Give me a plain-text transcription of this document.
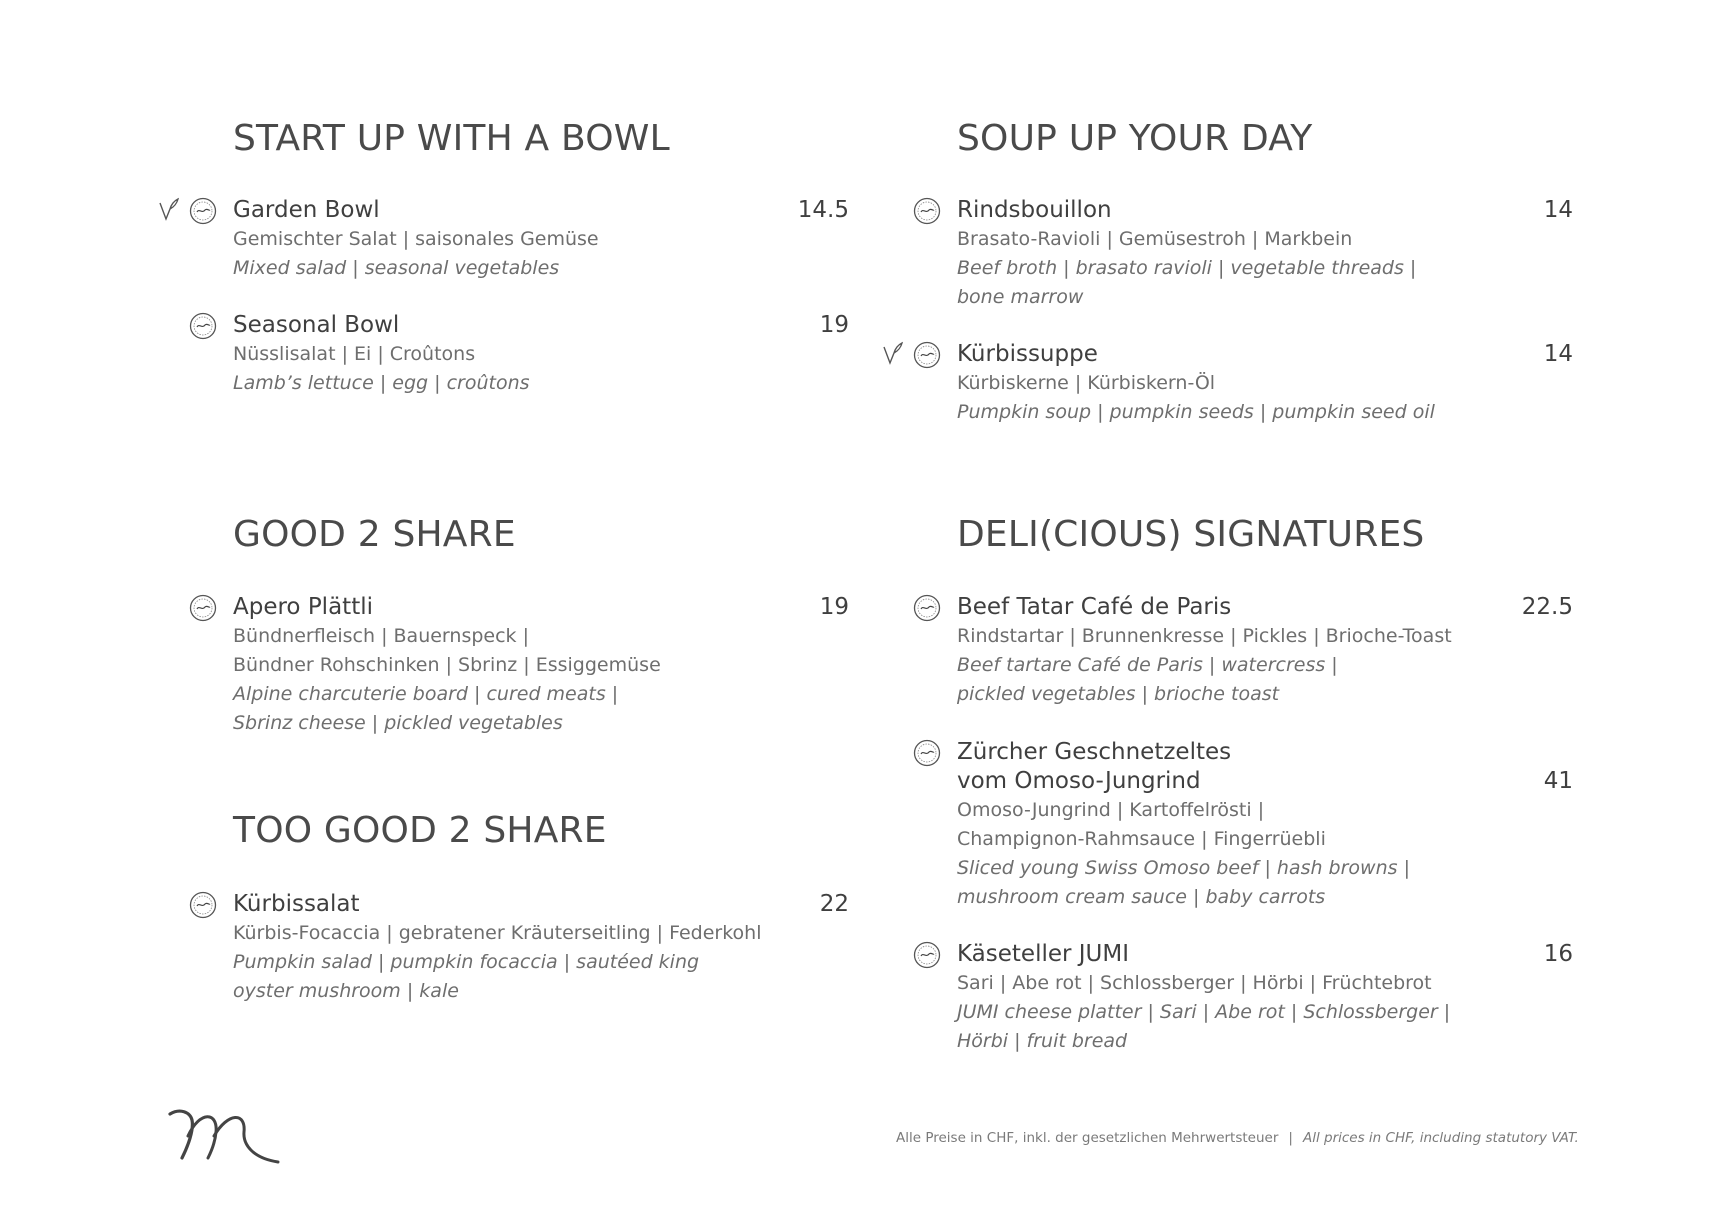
START UP WITH A BOWL
Garden Bowl	14.5
Gemischter Salat | saisonales Gemüse
Mixed salad | seasonal vegetables
Seasonal Bowl	19
Nüsslisalat | Ei | Croûtons
Lamb’s lettuce | egg | croûtons
GOOD 2 SHARE
Apero Plättli	19
Bündnerfleisch | Bauernspeck |
Bündner Rohschinken | Sbrinz | Essiggemüse
Alpine charcuterie board | cured meats |
Sbrinz cheese | pickled vegetables
TOO GOOD 2 SHARE
Kürbissalat	22
Kürbis-Focaccia | gebratener Kräuterseitling | Federkohl
Pumpkin salad | pumpkin focaccia | sautéed king
oyster mushroom | kale
SOUP UP YOUR DAY
Rindsbouillon	14
Brasato-Ravioli | Gemüsestroh | Markbein
Beef broth | brasato ravioli | vegetable threads |
bone marrow
Kürbissuppe	14
Kürbiskerne | Kürbiskern-Öl
Pumpkin soup | pumpkin seeds | pumpkin seed oil
DELI(CIOUS) SIGNATURES
Beef Tatar Café de Paris	22.5
Rindstartar | Brunnenkresse | Pickles | Brioche-Toast
Beef tartare Café de Paris | watercress |
pickled vegetables | brioche toast
Zürcher Geschnetzeltes
vom Omoso-Jungrind	41
Omoso-Jungrind | Kartoffelrösti |
Champignon-Rahmsauce | Fingerrüebli
Sliced young Swiss Omoso beef | hash browns |
mushroom cream sauce | baby carrots
Käseteller JUMI	16
Sari | Abe rot | Schlossberger | Hörbi | Früchtebrot
JUMI cheese platter | Sari | Abe rot | Schlossberger |
Hörbi | fruit bread
Alle Preise in CHF, inkl. der gesetzlichen Mehrwertsteuer | All prices in CHF, including statutory VAT.
